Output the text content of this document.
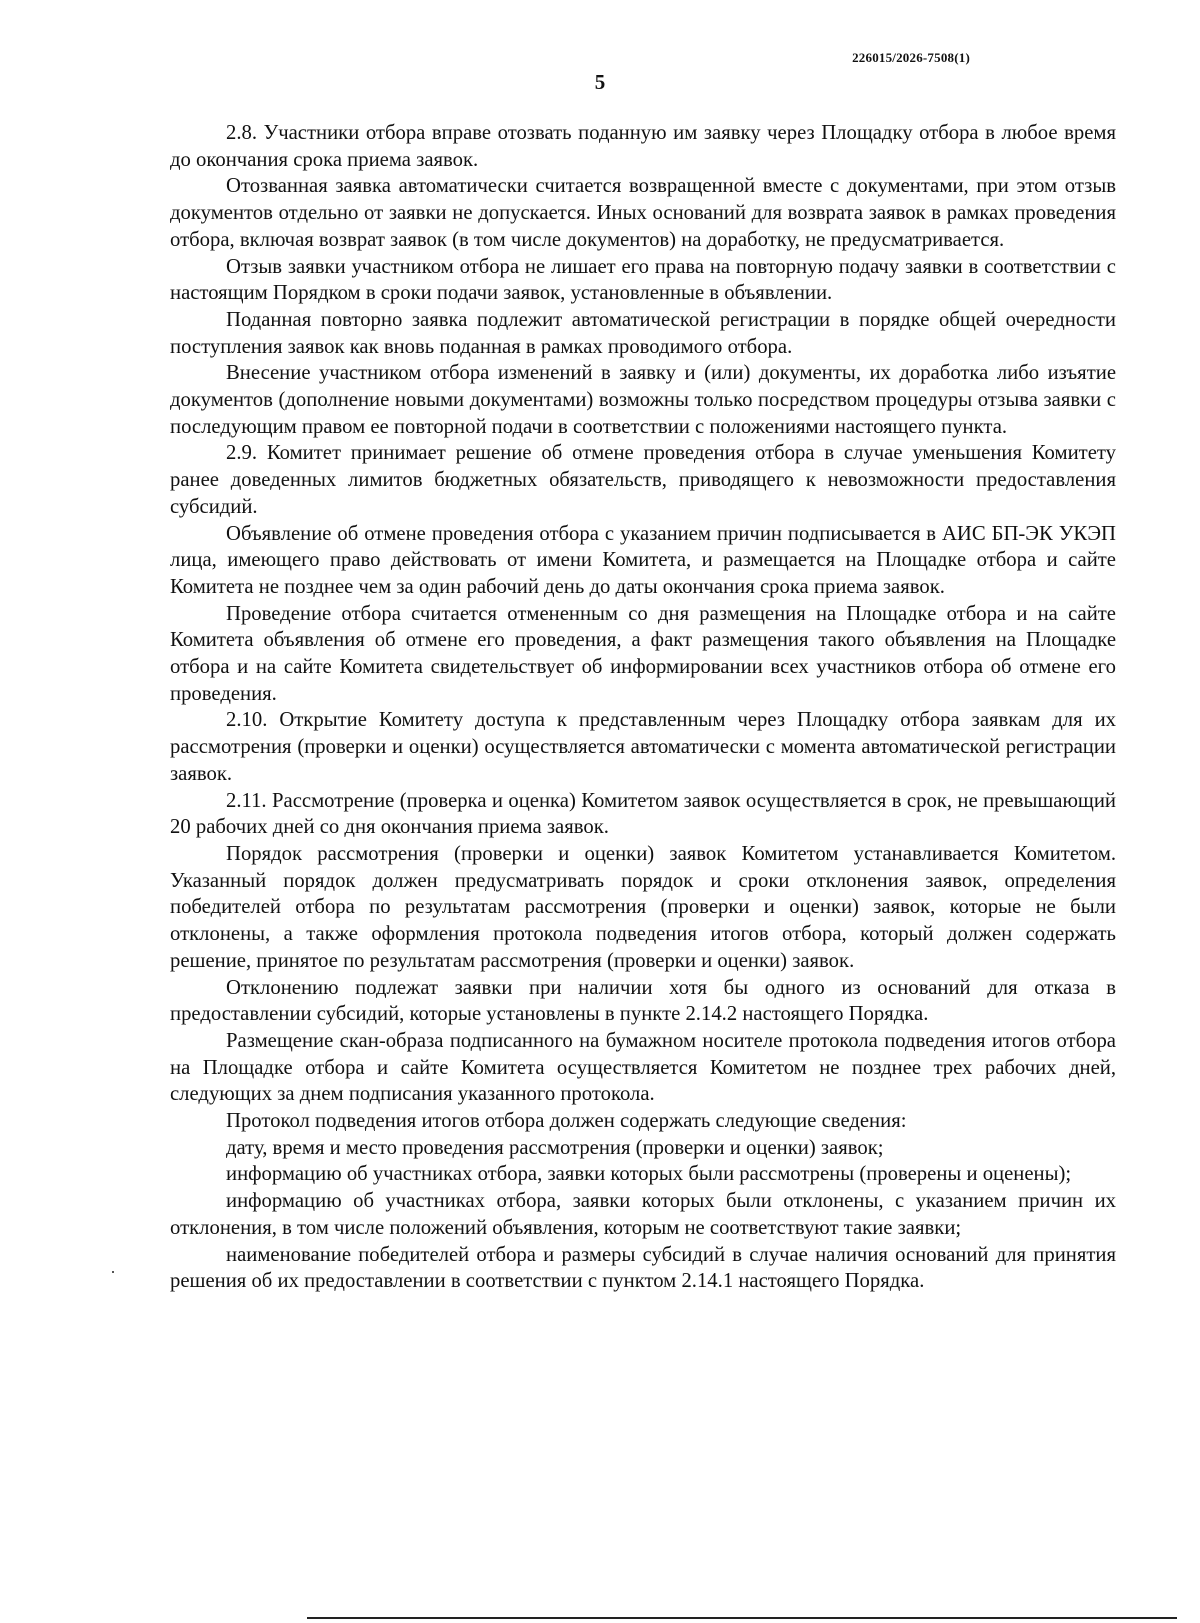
226015/2026-7508(1)
5

2.8. Участники отбора вправе отозвать поданную им заявку через Площадку отбора в любое время до окончания срока приема заявок.

Отозванная заявка автоматически считается возвращенной вместе с документами, при этом отзыв документов отдельно от заявки не допускается. Иных оснований для возврата заявок в рамках проведения отбора, включая возврат заявок (в том числе документов) на доработку, не предусматривается.

Отзыв заявки участником отбора не лишает его права на повторную подачу заявки в соответствии с настоящим Порядком в сроки подачи заявок, установленные в объявлении.

Поданная повторно заявка подлежит автоматической регистрации в порядке общей очередности поступления заявок как вновь поданная в рамках проводимого отбора.

Внесение участником отбора изменений в заявку и (или) документы, их доработка либо изъятие документов (дополнение новыми документами) возможны только посредством процедуры отзыва заявки с последующим правом ее повторной подачи в соответствии с положениями настоящего пункта.

2.9. Комитет принимает решение об отмене проведения отбора в случае уменьшения Комитету ранее доведенных лимитов бюджетных обязательств, приводящего к невозможности предоставления субсидий.

Объявление об отмене проведения отбора с указанием причин подписывается в АИС БП-ЭК УКЭП лица, имеющего право действовать от имени Комитета, и размещается на Площадке отбора и сайте Комитета не позднее чем за один рабочий день до даты окончания срока приема заявок.

Проведение отбора считается отмененным со дня размещения на Площадке отбора и на сайте Комитета объявления об отмене его проведения, а факт размещения такого объявления на Площадке отбора и на сайте Комитета свидетельствует об информировании всех участников отбора об отмене его проведения.

2.10. Открытие Комитету доступа к представленным через Площадку отбора заявкам для их рассмотрения (проверки и оценки) осуществляется автоматически с момента автоматической регистрации заявок.

2.11. Рассмотрение (проверка и оценка) Комитетом заявок осуществляется в срок, не превышающий 20 рабочих дней со дня окончания приема заявок.

Порядок рассмотрения (проверки и оценки) заявок Комитетом устанавливается Комитетом. Указанный порядок должен предусматривать порядок и сроки отклонения заявок, определения победителей отбора по результатам рассмотрения (проверки и оценки) заявок, которые не были отклонены, а также оформления протокола подведения итогов отбора, который должен содержать решение, принятое по результатам рассмотрения (проверки и оценки) заявок.

Отклонению подлежат заявки при наличии хотя бы одного из оснований для отказа в предоставлении субсидий, которые установлены в пункте 2.14.2 настоящего Порядка.

Размещение скан-образа подписанного на бумажном носителе протокола подведения итогов отбора на Площадке отбора и сайте Комитета осуществляется Комитетом не позднее трех рабочих дней, следующих за днем подписания указанного протокола.

Протокол подведения итогов отбора должен содержать следующие сведения:

дату, время и место проведения рассмотрения (проверки и оценки) заявок;

информацию об участниках отбора, заявки которых были рассмотрены (проверены и оценены);

информацию об участниках отбора, заявки которых были отклонены, с указанием причин их отклонения, в том числе положений объявления, которым не соответствуют такие заявки;

наименование победителей отбора и размеры субсидий в случае наличия оснований для принятия решения об их предоставлении в соответствии с пунктом 2.14.1 настоящего Порядка.
